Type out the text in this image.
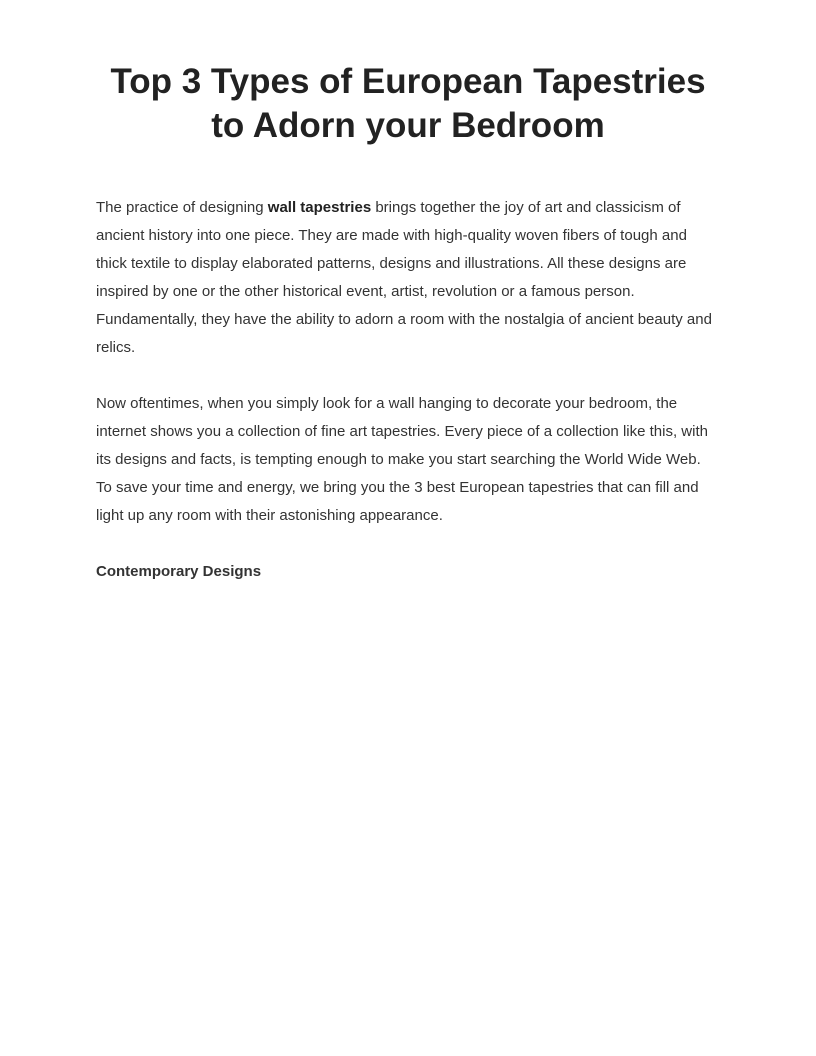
Top 3 Types of European Tapestries to Adorn your Bedroom

The practice of designing wall tapestries brings together the joy of art and classicism of ancient history into one piece. They are made with high-quality woven fibers of tough and thick textile to display elaborated patterns, designs and illustrations. All these designs are inspired by one or the other historical event, artist, revolution or a famous person. Fundamentally, they have the ability to adorn a room with the nostalgia of ancient beauty and relics.

Now oftentimes, when you simply look for a wall hanging to decorate your bedroom, the internet shows you a collection of fine art tapestries. Every piece of a collection like this, with its designs and facts, is tempting enough to make you start searching the World Wide Web. To save your time and energy, we bring you the 3 best European tapestries that can fill and light up any room with their astonishing appearance.

Contemporary Designs
